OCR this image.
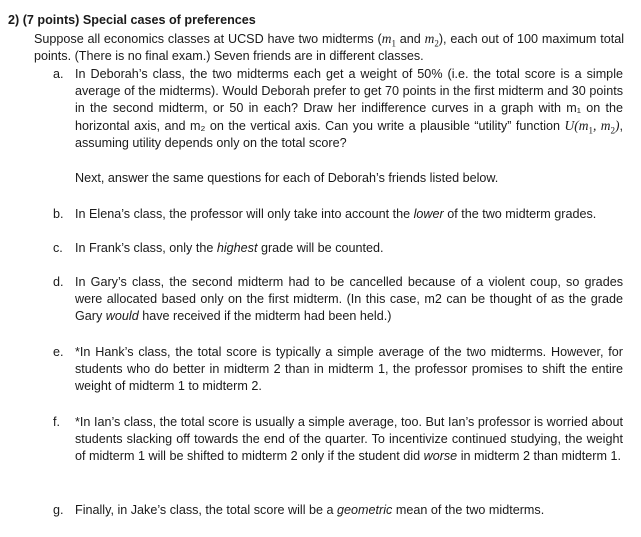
2) (7 points) Special cases of preferences
Suppose all economics classes at UCSD have two midterms ($m_1$ and $m_2$), each out of 100 maximum total points. (There is no final exam.) Seven friends are in different classes.
a. In Deborah’s class, the two midterms each get a weight of 50% (i.e. the total score is a simple average of the midterms). Would Deborah prefer to get 70 points in the first midterm and 30 points in the second midterm, or 50 in each? Draw her indifference curves in a graph with m₁ on the horizontal axis, and m₂ on the vertical axis. Can you write a plausible “utility” function $U(m_1$, $m_2$), assuming utility depends only on the total score?
Next, answer the same questions for each of Deborah’s friends listed below.
b. In Elena’s class, the professor will only take into account the lower of the two midterm grades.
c. In Frank’s class, only the highest grade will be counted.
d. In Gary’s class, the second midterm had to be cancelled because of a violent coup, so grades were allocated based only on the first midterm. (In this case, m2 can be thought of as the grade Gary would have received if the midterm had been held.)
e. *In Hank’s class, the total score is typically a simple average of the two midterms. However, for students who do better in midterm 2 than in midterm 1, the professor promises to shift the entire weight of midterm 1 to midterm 2.
f.	*In Ian’s class, the total score is usually a simple average, too. But Ian’s professor is worried about students slacking off towards the end of the quarter. To incentivize continued studying, the weight of midterm 1 will be shifted to midterm 2 only if the student did worse in midterm 2 than midterm 1.
g. Finally, in Jake’s class, the total score will be a geometric mean of the two midterms.
